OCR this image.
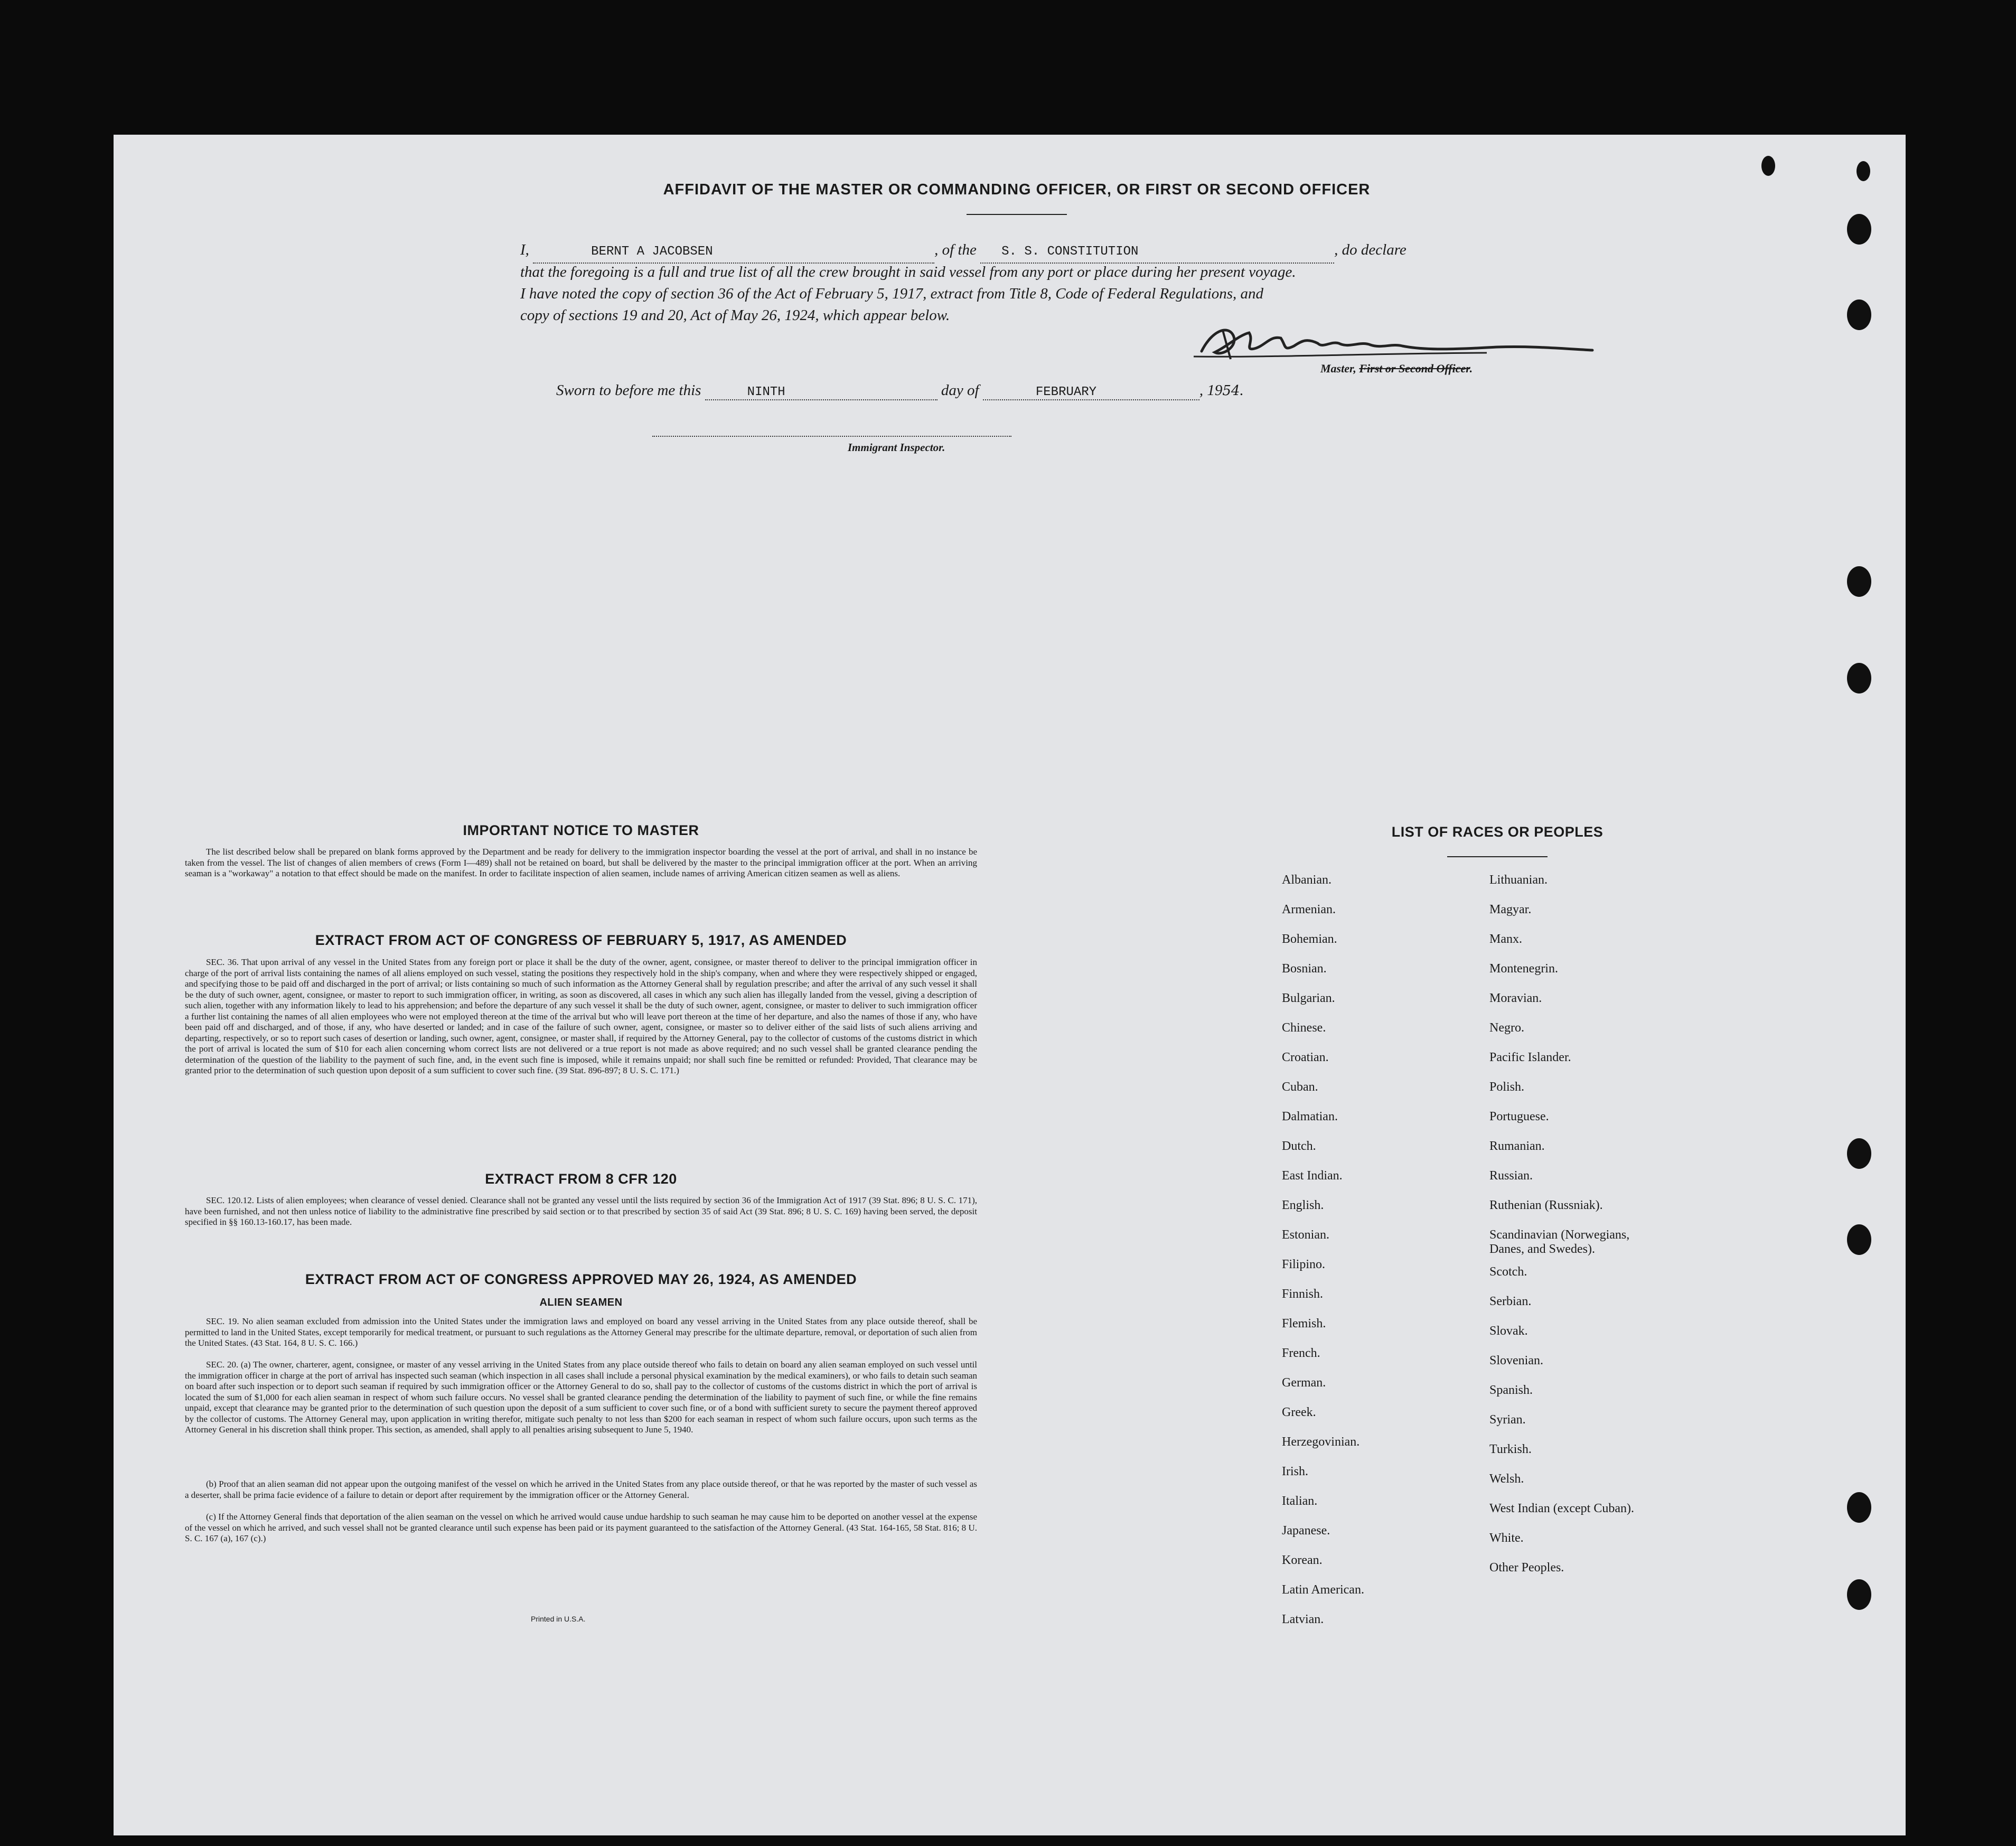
AFFIDAVIT OF THE MASTER OR COMMANDING OFFICER, OR FIRST OR SECOND OFFICER
I,	BERNT A JACOBSEN	, of the S. S. CONSTITUTION	, do declare
that the foregoing is a full and true list of all the crew brought in said vessel from any port or place during her present voyage.
I have noted the copy of section 36 of the Act of February 5, 1917, extract from Title 8, Code of Federal Regulations, and
copy of sections 19 and 20, Act of May 26, 1924, which appear below.
Master, First or Second Officer.
Sworn to before me this	NINTH	day of	FEBRUARY	, 1954.
Immigrant Inspector.
IMPORTANT NOTICE TO MASTER
The list described below shall be prepared on blank forms approved by the Department and be ready for delivery to the immigration inspector boarding the vessel at the port of arrival, and shall in no instance be taken from the vessel. The list of changes of alien members of crews (Form I—489) shall not be retained on board, but shall be delivered by the master to the principal immigration officer at the port. When an arriving seaman is a "workaway" a notation to that effect should be made on the manifest. In order to facilitate inspection of alien seamen, include names of arriving American citizen seamen as well as aliens.
EXTRACT FROM ACT OF CONGRESS OF FEBRUARY 5, 1917, AS AMENDED
SEC. 36. That upon arrival of any vessel in the United States from any foreign port or place it shall be the duty of the owner, agent, consignee, or master thereof to deliver to the principal immigration officer in charge of the port of arrival lists containing the names of all aliens employed on such vessel, stating the positions they respectively hold in the ship's company, when and where they were respectively shipped or engaged, and specifying those to be paid off and discharged in the port of arrival; or lists containing so much of such information as the Attorney General shall by regulation prescribe; and after the arrival of any such vessel it shall be the duty of such owner, agent, consignee, or master to report to such immigration officer, in writing, as soon as discovered, all cases in which any such alien has illegally landed from the vessel, giving a description of such alien, together with any information likely to lead to his apprehension; and before the departure of any such vessel it shall be the duty of such owner, agent, consignee, or master to deliver to such immigration officer a further list containing the names of all alien employees who were not employed thereon at the time of the arrival but who will leave port thereon at the time of her departure, and also the names of those if any, who have been paid off and discharged, and of those, if any, who have deserted or landed; and in case of the failure of such owner, agent, consignee, or master so to deliver either of the said lists of such aliens arriving and departing, respectively, or so to report such cases of desertion or landing, such owner, agent, consignee, or master shall, if required by the Attorney General, pay to the collector of customs of the customs district in which the port of arrival is located the sum of $10 for each alien concerning whom correct lists are not delivered or a true report is not made as above required; and no such vessel shall be granted clearance pending the determination of the question of the liability to the payment of such fine, and, in the event such fine is imposed, while it remains unpaid; nor shall such fine be remitted or refunded: Provided, That clearance may be granted prior to the determination of such question upon deposit of a sum sufficient to cover such fine. (39 Stat. 896-897; 8 U. S. C. 171.)
EXTRACT FROM 8 CFR 120
SEC. 120.12. Lists of alien employees; when clearance of vessel denied. Clearance shall not be granted any vessel until the lists required by section 36 of the Immigration Act of 1917 (39 Stat. 896; 8 U. S. C. 171), have been furnished, and not then unless notice of liability to the administrative fine prescribed by said section or to that prescribed by section 35 of said Act (39 Stat. 896; 8 U. S. C. 169) having been served, the deposit specified in §§ 160.13-160.17, has been made.
EXTRACT FROM ACT OF CONGRESS APPROVED MAY 26, 1924, AS AMENDED
ALIEN SEAMEN
SEC. 19. No alien seaman excluded from admission into the United States under the immigration laws and employed on board any vessel arriving in the United States from any place outside thereof, shall be permitted to land in the United States, except temporarily for medical treatment, or pursuant to such regulations as the Attorney General may prescribe for the ultimate departure, removal, or deportation of such alien from the United States. (43 Stat. 164, 8 U. S. C. 166.)
SEC. 20. (a) The owner, charterer, agent, consignee, or master of any vessel arriving in the United States from any place outside thereof who fails to detain on board any alien seaman employed on such vessel until the immigration officer in charge at the port of arrival has inspected such seaman (which inspection in all cases shall include a personal physical examination by the medical examiners), or who fails to detain such seaman on board after such inspection or to deport such seaman if required by such immigration officer or the Attorney General to do so, shall pay to the collector of customs of the customs district in which the port of arrival is located the sum of $1,000 for each alien seaman in respect of whom such failure occurs. No vessel shall be granted clearance pending the determination of the liability to payment of such fine, or while the fine remains unpaid, except that clearance may be granted prior to the determination of such question upon the deposit of a sum sufficient to cover such fine, or of a bond with sufficient surety to secure the payment thereof approved by the collector of customs. The Attorney General may, upon application in writing therefor, mitigate such penalty to not less than $200 for each seaman in respect of whom such failure occurs, upon such terms as the Attorney General in his discretion shall think proper. This section, as amended, shall apply to all penalties arising subsequent to June 5, 1940.
(b) Proof that an alien seaman did not appear upon the outgoing manifest of the vessel on which he arrived in the United States from any place outside thereof, or that he was reported by the master of such vessel as a deserter, shall be prima facie evidence of a failure to detain or deport after requirement by the immigration officer or the Attorney General.
(c) If the Attorney General finds that deportation of the alien seaman on the vessel on which he arrived would cause undue hardship to such seaman he may cause him to be deported on another vessel at the expense of the vessel on which he arrived, and such vessel shall not be granted clearance until such expense has been paid or its payment guaranteed to the satisfaction of the Attorney General. (43 Stat. 164-165, 58 Stat. 816; 8 U. S. C. 167 (a), 167 (c).)
Printed in U.S.A.
LIST OF RACES OR PEOPLES
Albanian.
Armenian.
Bohemian.
Bosnian.
Bulgarian.
Chinese.
Croatian.
Cuban.
Dalmatian.
Dutch.
East Indian.
English.
Estonian.
Filipino.
Finnish.
Flemish.
French.
German.
Greek.
Herzegovinian.
Irish.
Italian.
Japanese.
Korean.
Latin American.
Latvian.
Lithuanian.
Magyar.
Manx.
Montenegrin.
Moravian.
Negro.
Pacific Islander.
Polish.
Portuguese.
Rumanian.
Russian.
Ruthenian (Russniak).
Scandinavian (Norwegians,
Danes, and Swedes).
Scotch.
Serbian.
Slovak.
Slovenian.
Spanish.
Syrian.
Turkish.
Welsh.
West Indian (except Cuban).
White.
Other Peoples.
